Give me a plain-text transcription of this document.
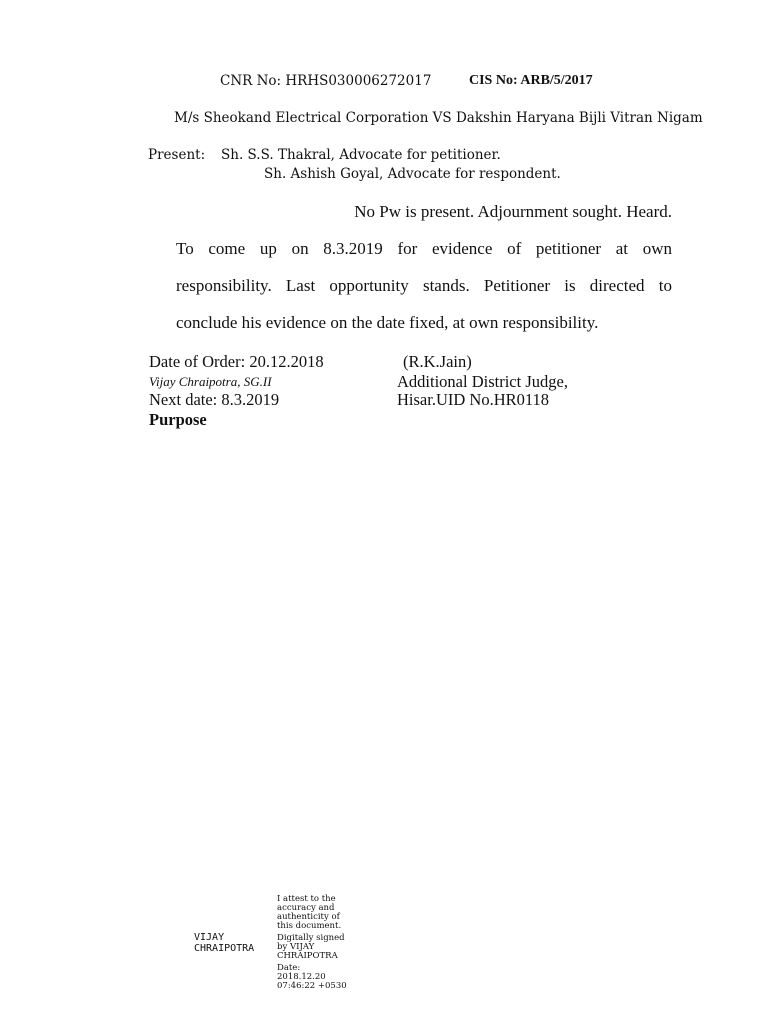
CNR No: HRHS030006272017	CIS No: ARB/5/2017
M/s Sheokand Electrical Corporation VS Dakshin Haryana Bijli Vitran Nigam
Present: Sh. S.S. Thakral, Advocate for petitioner.
Sh. Ashish Goyal, Advocate for respondent.
No Pw is present. Adjournment sought. Heard.
To come up on 8.3.2019 for evidence of petitioner at own
responsibility. Last opportunity stands. Petitioner is directed to
conclude his evidence on the date fixed, at own responsibility.
Date of Order: 20.12.2018	(R.K.Jain)
Vijay Chraipotra, SG.II	Additional District Judge,
Next date: 8.3.2019	Hisar.UID No.HR0118
Purpose
VIJAY
CHRAIPOTRA
I attest to the
accuracy and
authenticity of
this document.
Digitally signed
by VIJAY
CHRAIPOTRA
Date:
2018.12.20
07:46:22 +0530
